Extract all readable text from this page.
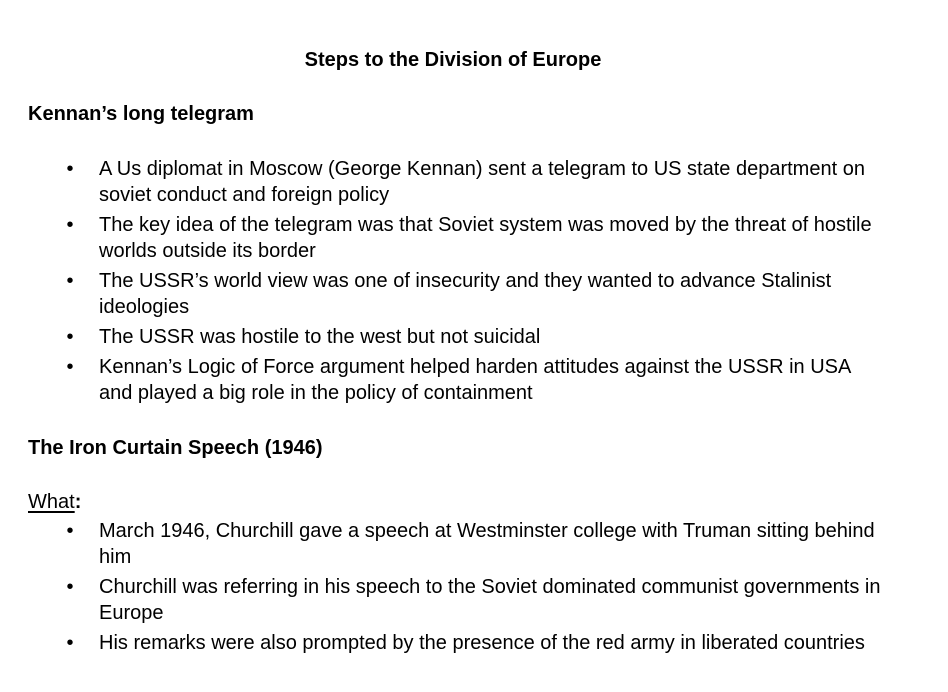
Steps to the Division of Europe
Kennan’s long telegram
• A Us diplomat in Moscow (George Kennan) sent a telegram to US state department on soviet conduct and foreign policy
• The key idea of the telegram was that Soviet system was moved by the threat of hostile worlds outside its border
• The USSR’s world view was one of insecurity and they wanted to advance Stalinist ideologies
• The USSR was hostile to the west but not suicidal
• Kennan’s Logic of Force argument helped harden attitudes against the USSR in USA and played a big role in the policy of containment
The Iron Curtain Speech (1946)
What:
• March 1946, Churchill gave a speech at Westminster college with Truman sitting behind him
• Churchill was referring in his speech to the Soviet dominated communist governments in Europe
• His remarks were also prompted by the presence of the red army in liberated countries
